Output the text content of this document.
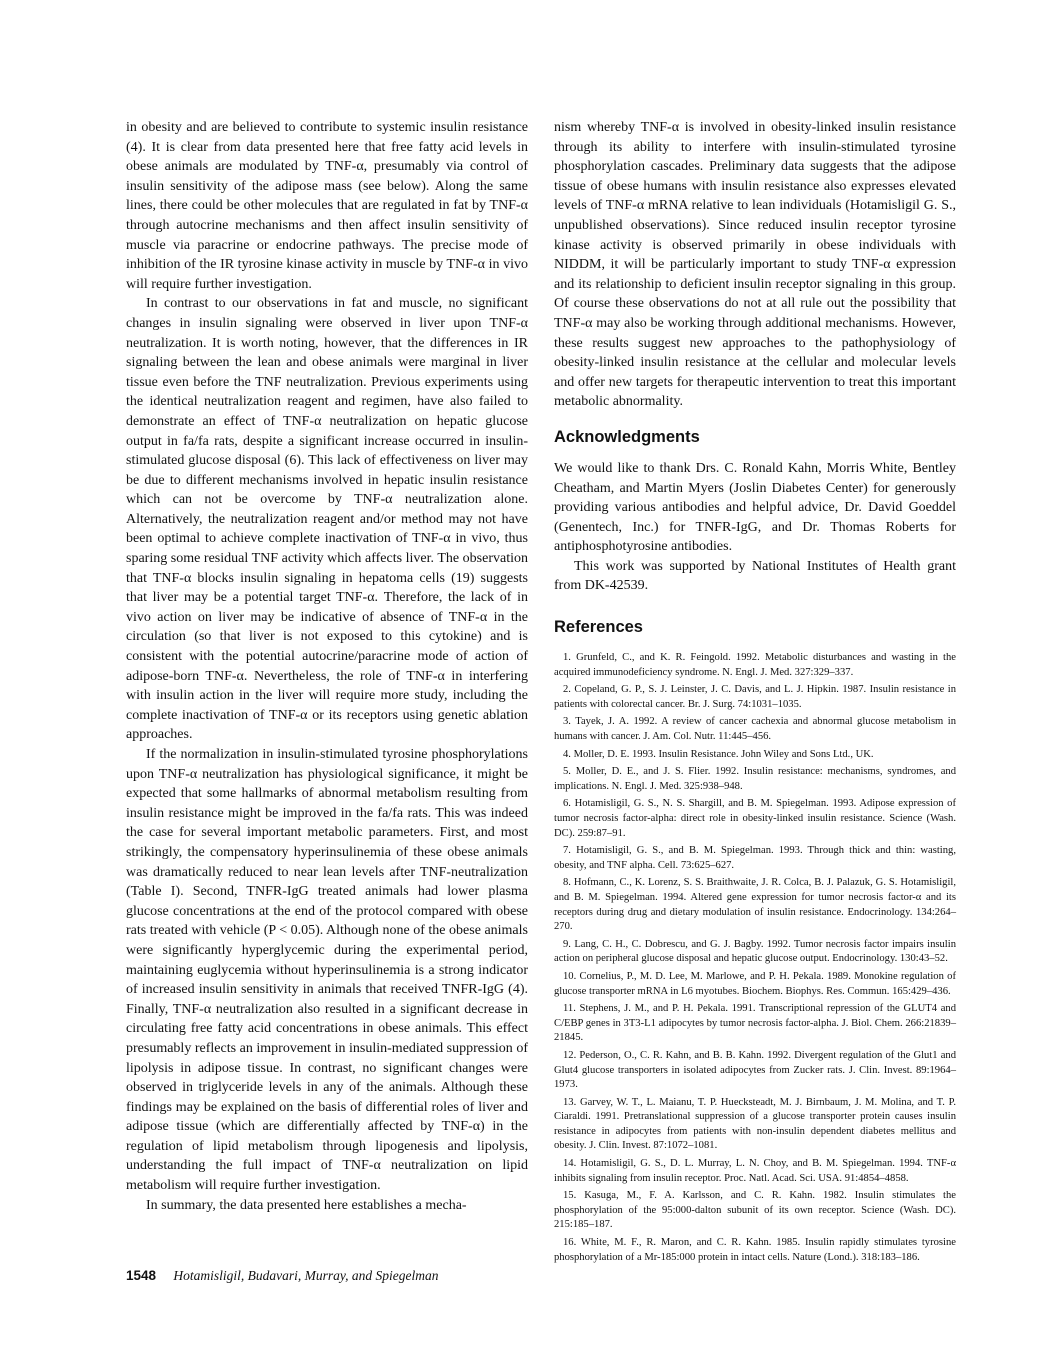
in obesity and are believed to contribute to systemic insulin resistance (4). It is clear from data presented here that free fatty acid levels in obese animals are modulated by TNF-α, presumably via control of insulin sensitivity of the adipose mass (see below). Along the same lines, there could be other molecules that are regulated in fat by TNF-α through autocrine mechanisms and then affect insulin sensitivity of muscle via paracrine or endocrine pathways. The precise mode of inhibition of the IR tyrosine kinase activity in muscle by TNF-α in vivo will require further investigation.

In contrast to our observations in fat and muscle, no significant changes in insulin signaling were observed in liver upon TNF-α neutralization. It is worth noting, however, that the differences in IR signaling between the lean and obese animals were marginal in liver tissue even before the TNF neutralization. Previous experiments using the identical neutralization reagent and regimen, have also failed to demonstrate an effect of TNF-α neutralization on hepatic glucose output in fa/fa rats, despite a significant increase occurred in insulin-stimulated glucose disposal (6). This lack of effectiveness on liver may be due to different mechanisms involved in hepatic insulin resistance which can not be overcome by TNF-α neutralization alone. Alternatively, the neutralization reagent and/or method may not have been optimal to achieve complete inactivation of TNF-α in vivo, thus sparing some residual TNF activity which affects liver. The observation that TNF-α blocks insulin signaling in hepatoma cells (19) suggests that liver may be a potential target TNF-α. Therefore, the lack of in vivo action on liver may be indicative of absence of TNF-α in the circulation (so that liver is not exposed to this cytokine) and is consistent with the potential autocrine/paracrine mode of action of adipose-born TNF-α. Nevertheless, the role of TNF-α in interfering with insulin action in the liver will require more study, including the complete inactivation of TNF-α or its receptors using genetic ablation approaches.

If the normalization in insulin-stimulated tyrosine phosphorylations upon TNF-α neutralization has physiological significance, it might be expected that some hallmarks of abnormal metabolism resulting from insulin resistance might be improved in the fa/fa rats. This was indeed the case for several important metabolic parameters. First, and most strikingly, the compensatory hyperinsulinemia of these obese animals was dramatically reduced to near lean levels after TNF-neutralization (Table I). Second, TNFR-IgG treated animals had lower plasma glucose concentrations at the end of the protocol compared with obese rats treated with vehicle (P < 0.05). Although none of the obese animals were significantly hyperglycemic during the experimental period, maintaining euglycemia without hyperinsulinemia is a strong indicator of increased insulin sensitivity in animals that received TNFR-IgG (4). Finally, TNF-α neutralization also resulted in a significant decrease in circulating free fatty acid concentrations in obese animals. This effect presumably reflects an improvement in insulin-mediated suppression of lipolysis in adipose tissue. In contrast, no significant changes were observed in triglyceride levels in any of the animals. Although these findings may be explained on the basis of differential roles of liver and adipose tissue (which are differentially affected by TNF-α) in the regulation of lipid metabolism through lipogenesis and lipolysis, understanding the full impact of TNF-α neutralization on lipid metabolism will require further investigation.

In summary, the data presented here establishes a mecha-

nism whereby TNF-α is involved in obesity-linked insulin resistance through its ability to interfere with insulin-stimulated tyrosine phosphorylation cascades. Preliminary data suggests that the adipose tissue of obese humans with insulin resistance also expresses elevated levels of TNF-α mRNA relative to lean individuals (Hotamisligil G. S., unpublished observations). Since reduced insulin receptor tyrosine kinase activity is observed primarily in obese individuals with NIDDM, it will be particularly important to study TNF-α expression and its relationship to deficient insulin receptor signaling in this group. Of course these observations do not at all rule out the possibility that TNF-α may also be working through additional mechanisms. However, these results suggest new approaches to the pathophysiology of obesity-linked insulin resistance at the cellular and molecular levels and offer new targets for therapeutic intervention to treat this important metabolic abnormality.

Acknowledgments

We would like to thank Drs. C. Ronald Kahn, Morris White, Bentley Cheatham, and Martin Myers (Joslin Diabetes Center) for generously providing various antibodies and helpful advice, Dr. David Goeddel (Genentech, Inc.) for TNFR-IgG, and Dr. Thomas Roberts for antiphosphotyrosine antibodies.

This work was supported by National Institutes of Health grant from DK-42539.

References
1. Grunfeld, C., and K. R. Feingold. 1992. Metabolic disturbances and wasting in the acquired immunodeficiency syndrome. N. Engl. J. Med. 327:329–337.
2. Copeland, G. P., S. J. Leinster, J. C. Davis, and L. J. Hipkin. 1987. Insulin resistance in patients with colorectal cancer. Br. J. Surg. 74:1031–1035.
3. Tayek, J. A. 1992. A review of cancer cachexia and abnormal glucose metabolism in humans with cancer. J. Am. Col. Nutr. 11:445–456.
4. Moller, D. E. 1993. Insulin Resistance. John Wiley and Sons Ltd., UK.
5. Moller, D. E., and J. S. Flier. 1992. Insulin resistance: mechanisms, syndromes, and implications. N. Engl. J. Med. 325:938–948.
6. Hotamisligil, G. S., N. S. Shargill, and B. M. Spiegelman. 1993. Adipose expression of tumor necrosis factor-alpha: direct role in obesity-linked insulin resistance. Science (Wash. DC). 259:87–91.
7. Hotamisligil, G. S., and B. M. Spiegelman. 1993. Through thick and thin: wasting, obesity, and TNF alpha. Cell. 73:625–627.
8. Hofmann, C., K. Lorenz, S. S. Braithwaite, J. R. Colca, B. J. Palazuk, G. S. Hotamisligil, and B. M. Spiegelman. 1994. Altered gene expression for tumor necrosis factor-α and its receptors during drug and dietary modulation of insulin resistance. Endocrinology. 134:264–270.
9. Lang, C. H., C. Dobrescu, and G. J. Bagby. 1992. Tumor necrosis factor impairs insulin action on peripheral glucose disposal and hepatic glucose output. Endocrinology. 130:43–52.
10. Cornelius, P., M. D. Lee, M. Marlowe, and P. H. Pekala. 1989. Monokine regulation of glucose transporter mRNA in L6 myotubes. Biochem. Biophys. Res. Commun. 165:429–436.
11. Stephens, J. M., and P. H. Pekala. 1991. Transcriptional repression of the GLUT4 and C/EBP genes in 3T3-L1 adipocytes by tumor necrosis factor-alpha. J. Biol. Chem. 266:21839–21845.
12. Pederson, O., C. R. Kahn, and B. B. Kahn. 1992. Divergent regulation of the Glut1 and Glut4 glucose transporters in isolated adipocytes from Zucker rats. J. Clin. Invest. 89:1964–1973.
13. Garvey, W. T., L. Maianu, T. P. Huecksteadt, M. J. Birnbaum, J. M. Molina, and T. P. Ciaraldi. 1991. Pretranslational suppression of a glucose transporter protein causes insulin resistance in adipocytes from patients with non-insulin dependent diabetes mellitus and obesity. J. Clin. Invest. 87:1072–1081.
14. Hotamisligil, G. S., D. L. Murray, L. N. Choy, and B. M. Spiegelman. 1994. TNF-α inhibits signaling from insulin receptor. Proc. Natl. Acad. Sci. USA. 91:4854–4858.
15. Kasuga, M., F. A. Karlsson, and C. R. Kahn. 1982. Insulin stimulates the phosphorylation of the 95:000-dalton subunit of its own receptor. Science (Wash. DC). 215:185–187.
16. White, M. F., R. Maron, and C. R. Kahn. 1985. Insulin rapidly stimulates tyrosine phosphorylation of a Mr-185:000 protein in intact cells. Nature (Lond.). 318:183–186.
1548 Hotamisligil, Budavari, Murray, and Spiegelman
